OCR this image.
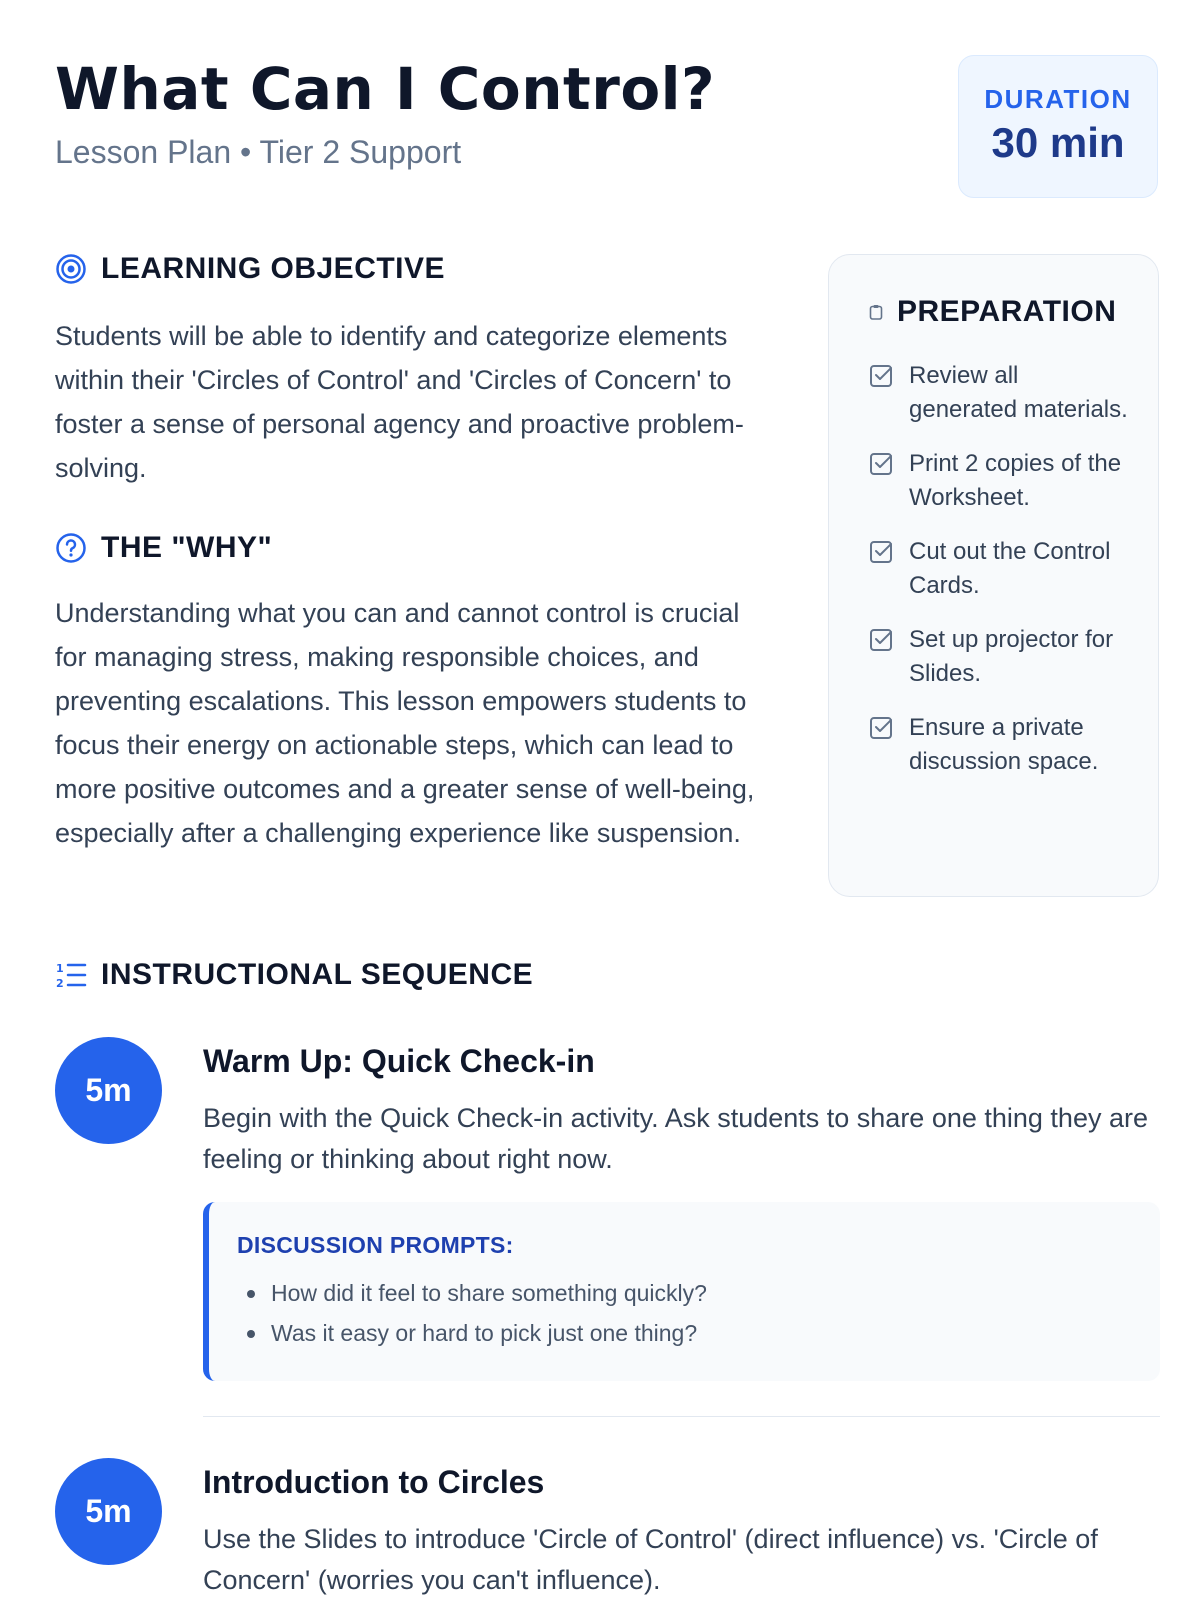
What Can I Control?
Lesson Plan • Tier 2 Support
DURATION
30 min
LEARNING OBJECTIVE

Students will be able to identify and categorize elements within their 'Circles of Control' and 'Circles of Concern' to foster a sense of personal agency and proactive problem-solving.

THE "WHY"

Understanding what you can and cannot control is crucial for managing stress, making responsible choices, and preventing escalations. This lesson empowers students to focus their energy on actionable steps, which can lead to more positive outcomes and a greater sense of well-being, especially after a challenging experience like suspension.

PREPARATION
Review all generated materials.
Print 2 copies of the Worksheet.
Cut out the Control Cards.
Set up projector for Slides.
Ensure a private discussion space.
1
2 INSTRUCTIONAL SEQUENCE
5m
Warm Up: Quick Check-in

Begin with the Quick Check-in activity. Ask students to share one thing they are feeling or thinking about right now.

DISCUSSION PROMPTS:
How did it feel to share something quickly?
Was it easy or hard to pick just one thing?
5m
Introduction to Circles

Use the Slides to introduce 'Circle of Control' (direct influence) vs. 'Circle of Concern' (worries you can't influence).
